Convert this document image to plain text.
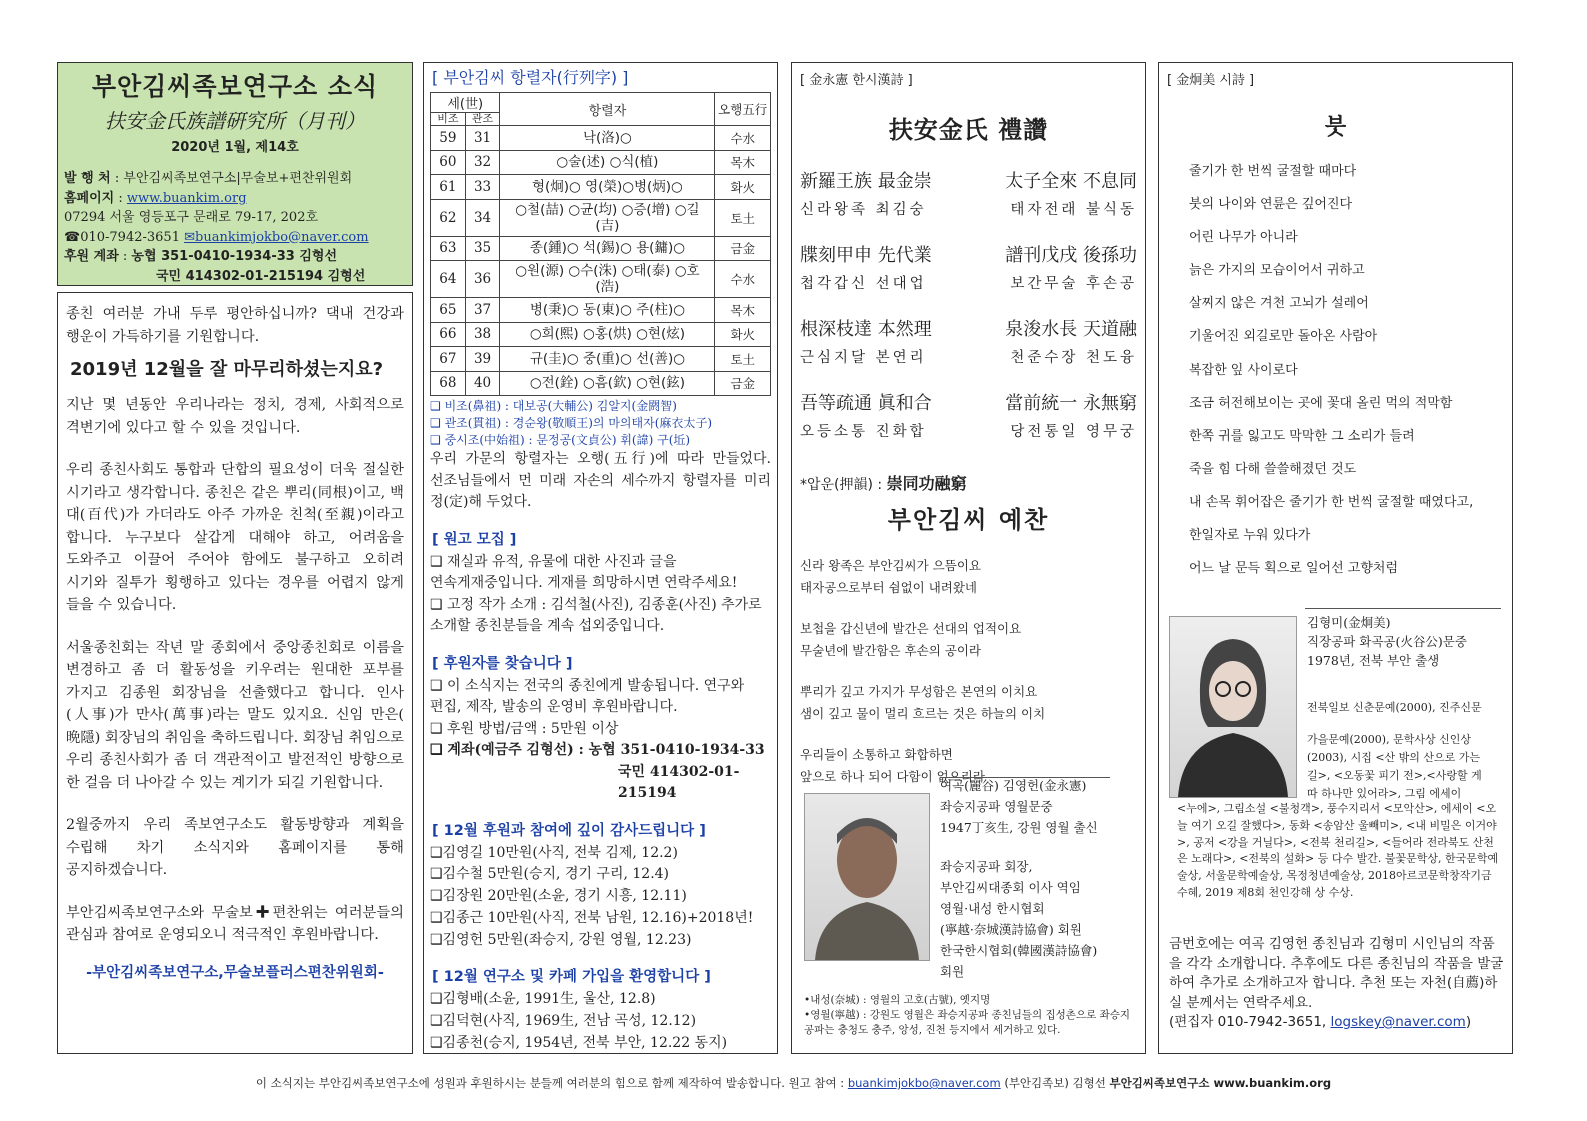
부안김씨족보연구소 소식
扶安金氏族譜硏究所（月刊）
2020년 1월, 제14호
발 행 처 : 부안김씨족보연구소|무술보+편찬위원회
홈페이지 : www.buankim.org
07294 서울 영등포구 문래로 79-17, 202호
☎010-7942-3651 ✉buankimjokbo@naver.com
후원 계좌 : 농협 351-0410-1934-33 김형선
국민 414302-01-215194 김형선

종친 여러분 가내 두루 평안하십니까? 댁내 건강과 행운이 가득하기를 기원합니다.

2019년 12월을 잘 마무리하셨는지요?

지난 몇 년동안 우리나라는 정치, 경제, 사회적으로 격변기에 있다고 할 수 있을 것입니다.

우리 종친사회도 통합과 단합의 필요성이 더욱 절실한 시기라고 생각합니다. 종친은 같은 뿌리(同根)이고, 백 대(百代)가 가더라도 아주 가까운 친척(至親)이라고 합니다. 누구보다 살갑게 대해야 하고, 어려움을 도와주고 이끌어 주어야 함에도 불구하고 오히려 시기와 질투가 횡행하고 있다는 경우를 어렵지 않게 들을 수 있습니다.

서울종친회는 작년 말 종회에서 중앙종친회로 이름을 변경하고 좀 더 활동성을 키우려는 원대한 포부를 가지고 김종원 회장님을 선출했다고 합니다. 인사(人事)가 만사(萬事)라는 말도 있지요. 신임 만은( 晩隱) 회장님의 취임을 축하드립니다. 회장님 취임으로 우리 종친사회가 좀 더 객관적이고 발전적인 방향으로 한 걸음 더 나아갈 수 있는 계기가 되길 기원합니다.

2월중까지 우리 족보연구소도 활동방향과 계획을 수립해 차기 소식지와 홈페이지를 통해 공지하겠습니다.

부안김씨족보연구소와 무술보✚편찬위는 여러분들의 관심과 참여로 운영되오니 적극적인 후원바랍니다.

-부안김씨족보연구소,무술보플러스편찬위원회-
[ 부안김씨 항렬자(行列字) ]
세(世)		항렬자	오행五行
비조	관조		
59	31	낙(洛)○	수水
60	32	○술(述) ○식(植)	목木
61	33	형(炯)○ 영(榮)○병(炳)○	화火
62	34	○철(喆) ○균(均) ○증(增) ○길(吉)	토土
63	35	종(鍾)○ 석(錫)○ 용(鏞)○	금金
64	36	○원(源) ○수(洙) ○태(泰) ○호(浩)	수水
65	37	병(秉)○ 동(東)○ 주(柱)○	목木
66	38	○희(熙) ○홍(烘) ○현(炫)	화火
67	39	규(圭)○ 중(重)○ 선(善)○	토土
68	40	○전(銓) ○흠(欽) ○현(鉉)	금金
❑ 비조(鼻祖) : 대보공(大輔公) 김알지(金閼智)
❑ 관조(貫祖) : 경순왕(敬順王)의 마의태자(麻衣太子)
❑ 중시조(中始祖) : 문정공(文貞公) 휘(諱) 구(坵)
우리 가문의 항렬자는 오행(五行)에 따라 만들었다. 선조님들에서 먼 미래 자손의 세수까지 항렬자를 미리 정(定)해 두었다.
[ 원고 모집 ]
❑ 재실과 유적, 유물에 대한 사진과 글을 연속게재중입니다. 게재를 희망하시면 연락주세요!
❑ 고정 작가 소개 : 김석철(사진), 김종훈(사진) 추가로 소개할 종친분들을 계속 섭외중입니다.
[ 후원자를 찾습니다 ]
❑ 이 소식지는 전국의 종친에게 발송됩니다. 연구와 편집, 제작, 발송의 운영비 후원바랍니다.
❑ 후원 방법/금액 : 5만원 이상
❑ 계좌(예금주 김형선) : 농협 351-0410-1934-33
국민 414302-01-215194
[ 12월 후원과 참여에 깊이 감사드립니다 ]
❑김영길 10만원(사직, 전북 김제, 12.2)
❑김수철 5만원(승지, 경기 구리, 12.4)
❑김장원 20만원(소윤, 경기 시흥, 12.11)
❑김종근 10만원(사직, 전북 남원, 12.16)+2018년!
❑김영헌 5만원(좌승지, 강원 영월, 12.23)
[ 12월 연구소 및 카페 가입을 환영합니다 ]
❑김형배(소윤, 1991生, 울산, 12.8)
❑김덕현(사직, 1969生, 전남 곡성, 12.12)
❑김종천(승지, 1954년, 전북 부안, 12.22 동지)
[ 金永憲 한시漢詩 ]
扶安金氏 禮讚
新羅王族 最金崇	太子全來 不息同
신라왕족 최김숭	태자전래 불식동
牒刻甲申 先代業	譜刊戊戌 後孫功
첩각갑신 선대업	보간무술 후손공
根深枝達 本然理	泉浚水長 天道融
근심지달 본연리	천준수장 천도융
吾等疏通 眞和合	當前統一 永無窮
오등소통 진화합	당전통일 영무궁
*압운(押韻) : 崇同功融窮
부안김씨 예찬
신라 왕족은 부안김씨가 으뜸이요
태자공으로부터 쉼없이 내려왔네
보첩을 갑신년에 발간은 선대의 업적이요
무술년에 발간함은 후손의 공이라
뿌리가 깊고 가지가 무성함은 본연의 이치요
샘이 깊고 물이 멀리 흐르는 것은 하늘의 이치
우리들이 소통하고 화합하면
앞으로 하나 되어 다함이 없으리라
여곡(麗谷) 김영헌(金永憲)
좌승지공파 영월문중
1947丁亥生, 강원 영월 출신
좌승지공파 회장,
부안김씨대종회 이사 역임
영월·내성 한시협회
(寧越·奈城漢詩協會) 회원
한국한시협회(韓國漢詩協會)
회원
•내성(奈城) : 영월의 고호(古號), 옛지명
•영월(寧越) : 강원도 영월은 좌승지공파 종친님들의 집성촌으로 좌승지공파는 충청도 충주, 앙성, 진천 등지에서 세거하고 있다.
[ 金炯美 시詩 ]
붓
줄기가 한 번씩 굴절할 때마다
붓의 나이와 연륜은 깊어진다
어린 나무가 아니라
늙은 가지의 모습이어서 귀하고
살찌지 않은 겨천 고뇌가 설레어
기울어진 외길로만 돌아온 사람아
복잡한 잎 사이로다
조금 허전해보이는 곳에 꽃대 올린 먹의 적막함
한쪽 귀를 잃고도 막막한 그 소리가 들려
죽을 힘 다해 쓸쓸해졌던 것도
내 손목 휘어잡은 줄기가 한 번씩 굴절할 때였다고,
한일자로 누워 있다가
어느 날 문득 획으로 일어선 고향처럼
김형미(金炯美)
직장공파 화곡공(火谷公)문중
1978년, 전북 부안 출생
전북일보 신춘문예(2000), 진주신문
가을문예(2000), 문학사상 신인상
(2003), 시집 <산 밖의 산으로 가는
길>, <오동꽃 피기 전>,<사랑할 게
따 하나만 있어라>, 그림 에세이
<누에>, 그림소설 <불청객>, 풍수지리서 <모악산>, 에세이 <오늘 여기 오길 잘했다>, 동화 <송암산 울빼미>, <내 비밀은 이거야>, 공저 <강을 거닐다>, <전북 천리길>, <들어라 전라북도 산천은 노래다>, <전북의 설화> 등 다수 발간. 불꽃문학상, 한국문학예술상, 서울문학예술상, 목정청년예술상, 2018아르코문학창작기금 수혜, 2019 제8회 천인강해 상 수상.
금번호에는 여곡 김영헌 종친님과 김형미 시인님의 작품을 각각 소개합니다. 추후에도 다른 종친님의 작품을 발굴하여 추가로 소개하고자 합니다. 추천 또는 자천(自薦)하실 분께서는 연락주세요.
(편집자 010-7942-3651, logskey@naver.com)
이 소식지는 부안김씨족보연구소에 성원과 후원하시는 분들께 여러분의 힘으로 함께 제작하여 발송합니다. 원고 참여 : buankimjokbo@naver.com (부안김족보) 김형선 부안김씨족보연구소 www.buankim.org
